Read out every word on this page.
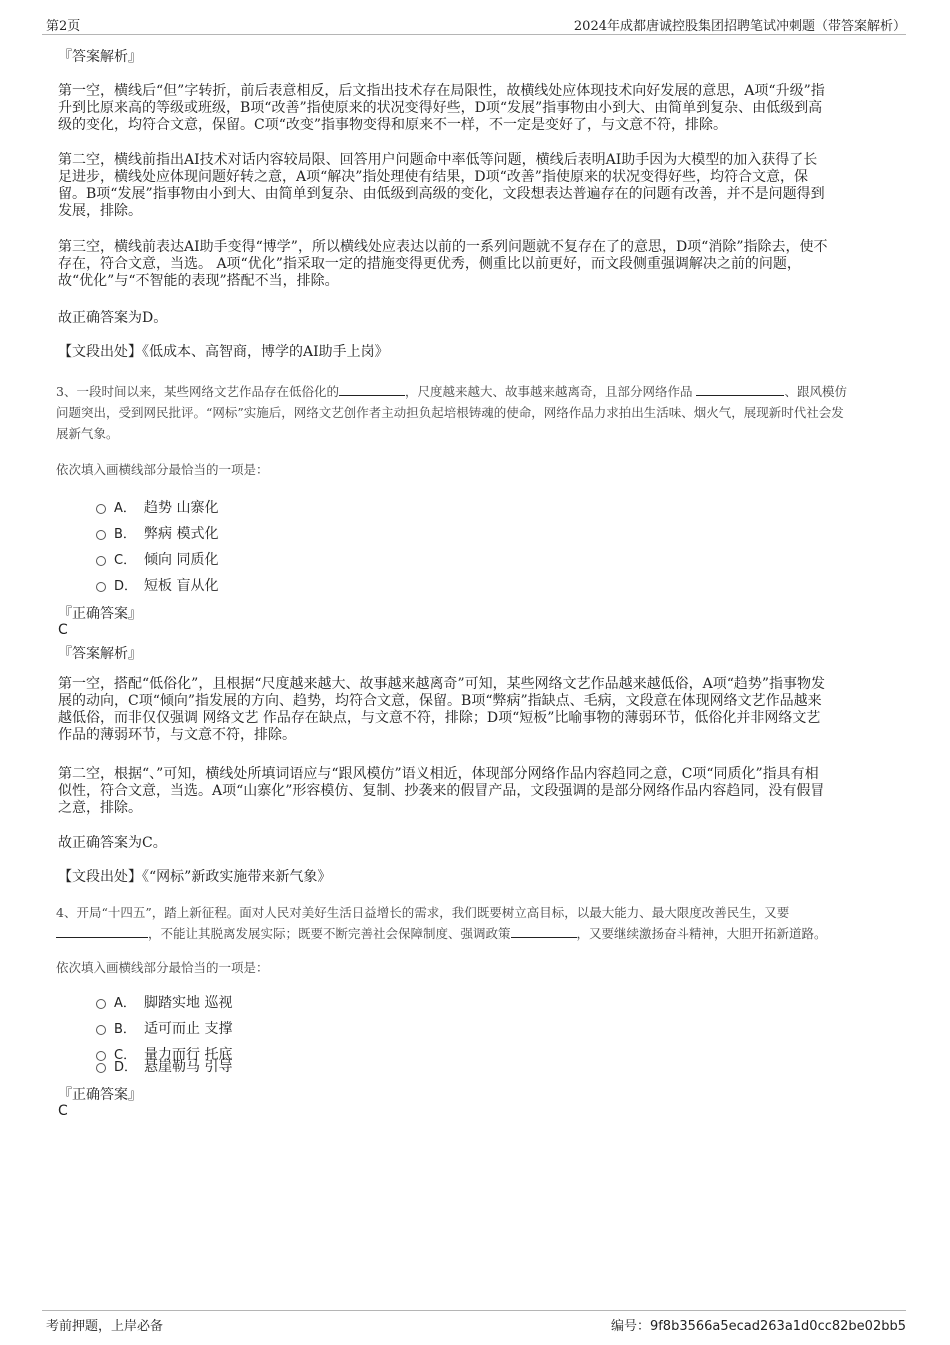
第2页	2024年成都唐诚控股集团招聘笔试冲刺题（带答案解析）
『答案解析』
第一空，横线后“但”字转折，前后表意相反，后文指出技术存在局限性，故横线处应体现技术向好发展的意思，A项“升级”指
升到比原来高的等级或班级，B项“改善”指使原来的状况变得好些，D项“发展”指事物由小到大、由简单到复杂、由低级到高
级的变化，均符合文意，保留。C项“改变”指事物变得和原来不一样，不一定是变好了，与文意不符，排除。
第二空，横线前指出AI技术对话内容较局限、回答用户问题命中率低等问题，横线后表明AI助手因为大模型的加入获得了长
足进步，横线处应体现问题好转之意，A项“解决”指处理使有结果，D项“改善”指使原来的状况变得好些，均符合文意，保
留。B项“发展”指事物由小到大、由简单到复杂、由低级到高级的变化，文段想表达普遍存在的问题有改善，并不是问题得到
发展，排除。
第三空，横线前表达AI助手变得“博学”，所以横线处应表达以前的一系列问题就不复存在了的意思，D项“消除”指除去，使不
存在，符合文意，当选。 A项“优化”指采取一定的措施变得更优秀，侧重比以前更好，而文段侧重强调解决之前的问题，
故“优化”与“不智能的表现”搭配不当，排除。
故正确答案为D。
【文段出处】《低成本、高智商，博学的AI助手上岗》
3、一段时间以来，某些网络文艺作品存在低俗化的	，尺度越来越大、故事越来越离奇，且部分网络作品	、跟风模仿
问题突出，受到网民批评。“网标”实施后，网络文艺创作者主动担负起培根铸魂的使命，网络作品力求拍出生活味、烟火气，展现新时代社会发
展新气象。
依次填入画横线部分最恰当的一项是：
A． 趋势 山寨化
B． 弊病 模式化
C． 倾向 同质化
D． 短板 盲从化
『正确答案』
C
『答案解析』
第一空，搭配“低俗化”，且根据“尺度越来越大、故事越来越离奇”可知，某些网络文艺作品越来越低俗，A项“趋势”指事物发
展的动向，C项“倾向”指发展的方向、趋势，均符合文意，保留。B项“弊病”指缺点、毛病，文段意在体现网络文艺作品越来
越低俗，而非仅仅强调 网络文艺 作品存在缺点，与文意不符，排除；D项“短板”比喻事物的薄弱环节，低俗化并非网络文艺
作品的薄弱环节，与文意不符，排除。
第二空，根据“、”可知，横线处所填词语应与“跟风模仿”语义相近，体现部分网络作品内容趋同之意，C项“同质化”指具有相
似性，符合文意，当选。A项“山寨化”形容模仿、复制、抄袭来的假冒产品，文段强调的是部分网络作品内容趋同，没有假冒
之意，排除。
故正确答案为C。
【文段出处】《“网标”新政实施带来新气象》
4、开局“十四五”，踏上新征程。面对人民对美好生活日益增长的需求，我们既要树立高目标，以最大能力、最大限度改善民生，又要
，不能让其脱离发展实际；既要不断完善社会保障制度、强调政策	，又要继续激扬奋斗精神，大胆开拓新道路。
依次填入画横线部分最恰当的一项是：
A． 脚踏实地 巡视
B． 适可而止 支撑
C． 量力而行 托底
D． 悬崖勒马 引导
『正确答案』
C
考前押题，上岸必备	编号：9f8b3566a5ecad263a1d0cc82be02bb5
